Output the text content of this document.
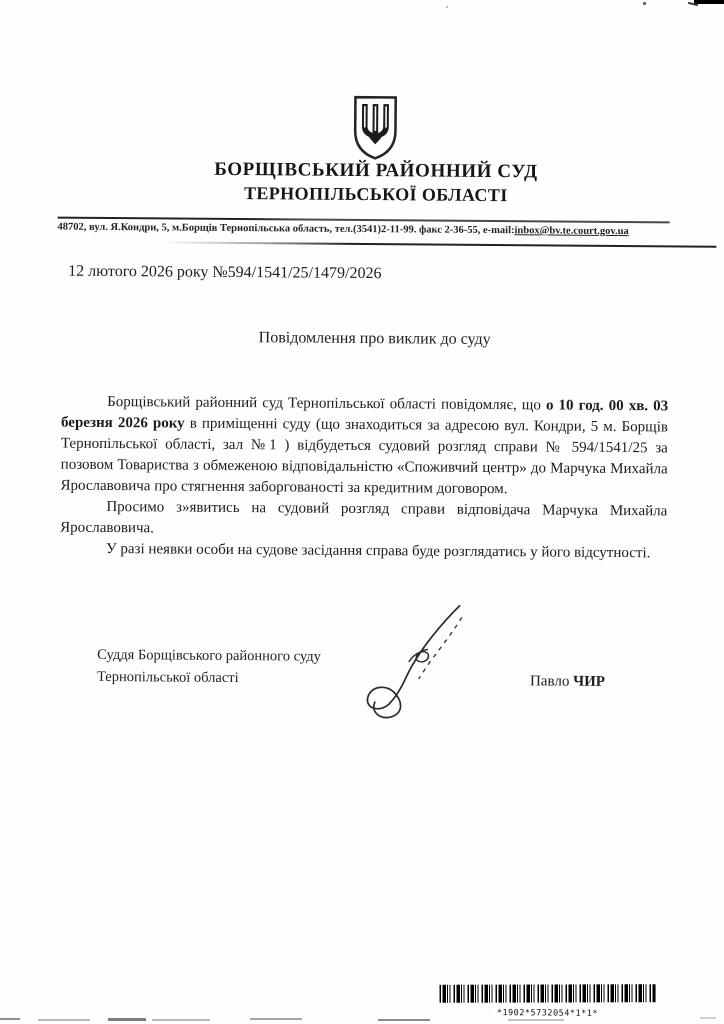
БОРЩІВСЬКИЙ РАЙОННИЙ СУД
ТЕРНОПІЛЬСЬКОЇ ОБЛАСТІ
48702, вул. Я.Кондри, 5, м.Борщів Тернопільська область, тел.(3541)2-11-99. факс 2-36-55, e-mail:inbox@bv.te.court.gov.ua
12 лютого 2026 року №594/1541/25/1479/2026
Повідомлення про виклик до суду

Борщівський районний суд Тернопільської області повідомляє, що о 10 год. 00 хв. 03 березня 2026 року в приміщенні суду (що знаходиться за адресою вул. Кондри, 5 м. Борщів Тернопільської області, зал №1 ) відбудеться судовий розгляд справи № 594/1541/25 за позовом Товариства з обмеженою відповідальністю «Споживчий центр» до Марчука Михайла Ярославовича про стягнення заборгованості за кредитним договором.

Просимо з»явитись на судовий розгляд справи відповідача Марчука Михайла Ярославовича.

У разі неявки особи на судове засідання справа буде розглядатись у його відсутності.

Суддя Борщівського районного суду
Тернопільської області	Павло ЧИР
*1902*5732054*1*1*
